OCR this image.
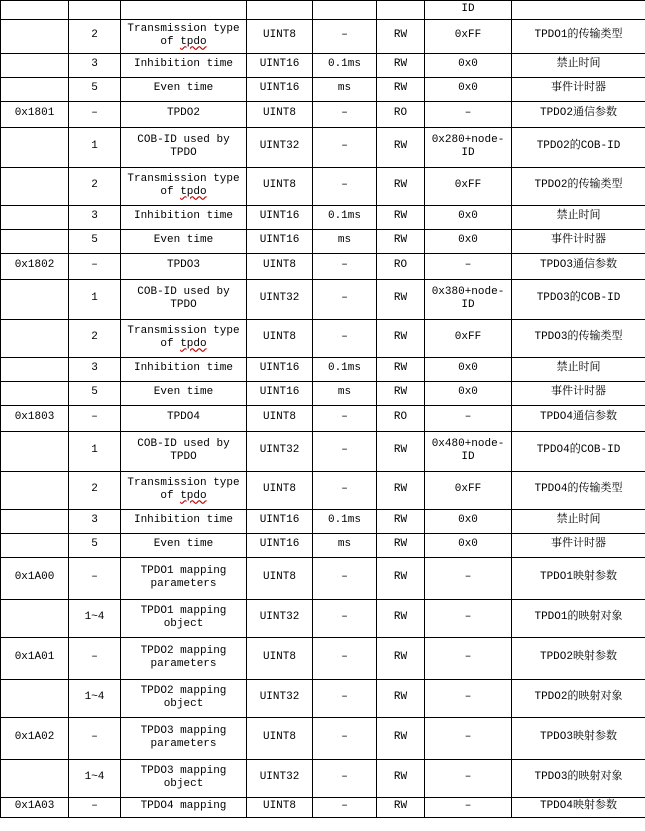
						ID	
	2	Transmission type of tpdo	UINT8	–	RW	0xFF	TPDO1的传输类型
	3	Inhibition time	UINT16	0.1ms	RW	0x0	禁止时间
	5	Even time	UINT16	ms	RW	0x0	事件计时器
0x1801	–	TPDO2	UINT8	–	RO	–	TPDO2通信参数
	1	COB-ID used by TPDO	UINT32	–	RW	0x280+node-ID	TPDO2的COB-ID
	2	Transmission type of tpdo	UINT8	–	RW	0xFF	TPDO2的传输类型
	3	Inhibition time	UINT16	0.1ms	RW	0x0	禁止时间
	5	Even time	UINT16	ms	RW	0x0	事件计时器
0x1802	–	TPDO3	UINT8	–	RO	–	TPDO3通信参数
	1	COB-ID used by TPDO	UINT32	–	RW	0x380+node-ID	TPDO3的COB-ID
	2	Transmission type of tpdo	UINT8	–	RW	0xFF	TPDO3的传输类型
	3	Inhibition time	UINT16	0.1ms	RW	0x0	禁止时间
	5	Even time	UINT16	ms	RW	0x0	事件计时器
0x1803	–	TPDO4	UINT8	–	RO	–	TPDO4通信参数
	1	COB-ID used by TPDO	UINT32	–	RW	0x480+node-ID	TPDO4的COB-ID
	2	Transmission type of tpdo	UINT8	–	RW	0xFF	TPDO4的传输类型
	3	Inhibition time	UINT16	0.1ms	RW	0x0	禁止时间
	5	Even time	UINT16	ms	RW	0x0	事件计时器
0x1A00	–	TPDO1 mapping parameters	UINT8	–	RW	–	TPDO1映射参数
	1~4	TPDO1 mapping object	UINT32	–	RW	–	TPDO1的映射对象
0x1A01	–	TPDO2 mapping parameters	UINT8	–	RW	–	TPDO2映射参数
	1~4	TPDO2 mapping object	UINT32	–	RW	–	TPDO2的映射对象
0x1A02	–	TPDO3 mapping parameters	UINT8	–	RW	–	TPDO3映射参数
	1~4	TPDO3 mapping object	UINT32	–	RW	–	TPDO3的映射对象
0x1A03	–	TPDO4 mapping	UINT8	–	RW	–	TPDO4映射参数
